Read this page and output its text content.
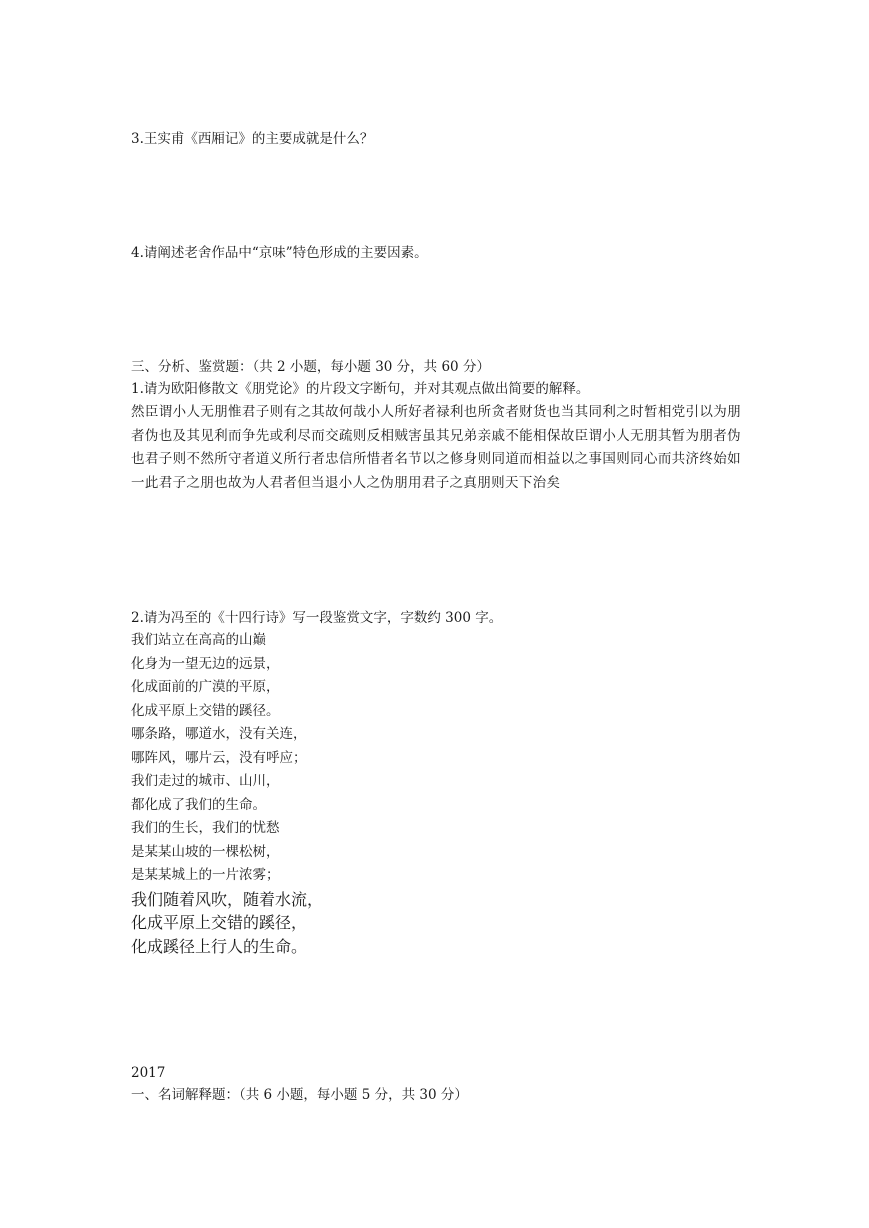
3.王实甫《西厢记》的主要成就是什么？
4.请阐述老舍作品中“京味”特色形成的主要因素。
三、分析、鉴赏题：（共 2 小题，每小题 30 分，共 60 分）
1.请为欧阳修散文《朋党论》的片段文字断句，并对其观点做出简要的解释。
然臣谓小人无朋惟君子则有之其故何哉小人所好者禄利也所贪者财货也当其同利之时暂相党引以为朋者伪也及其见利而争先或利尽而交疏则反相贼害虽其兄弟亲戚不能相保故臣谓小人无朋其暂为朋者伪也君子则不然所守者道义所行者忠信所惜者名节以之修身则同道而相益以之事国则同心而共济终始如一此君子之朋也故为人君者但当退小人之伪朋用君子之真朋则天下治矣
2.请为冯至的《十四行诗》写一段鉴赏文字，字数约 300 字。
我们站立在高高的山巅
化身为一望无边的远景，
化成面前的广漠的平原，
化成平原上交错的蹊径。
哪条路，哪道水，没有关连，
哪阵风，哪片云，没有呼应；
我们走过的城市、山川，
都化成了我们的生命。
我们的生长，我们的忧愁
是某某山坡的一棵松树，
是某某城上的一片浓雾；
我们随着风吹，随着水流，
化成平原上交错的蹊径，
化成蹊径上行人的生命。
2017
一、名词解释题：（共 6 小题，每小题 5 分，共 30 分）
